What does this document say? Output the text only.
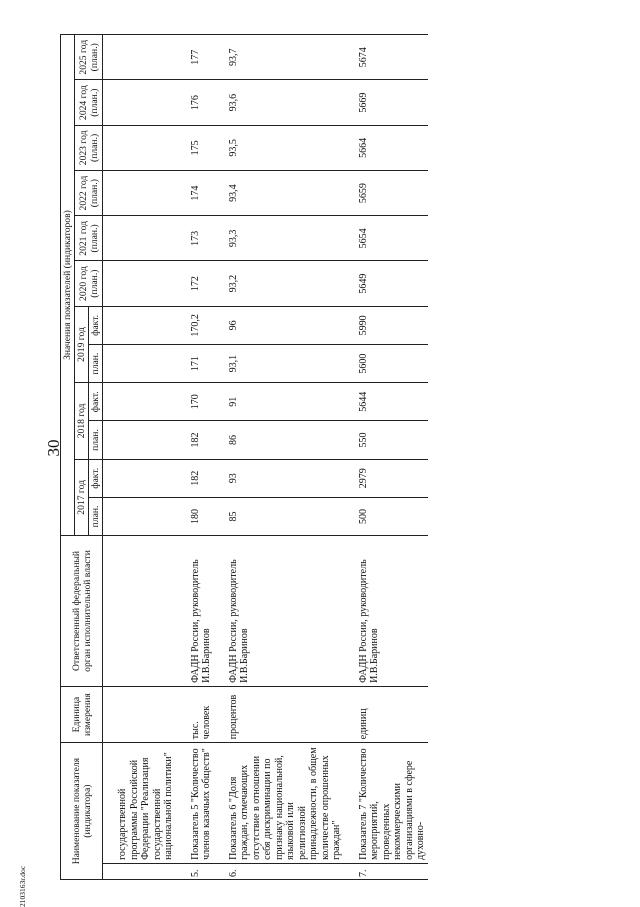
30
2103163r.doc
Наименование показателя (индикатора)		Единица измерения	Ответственный федеральный орган исполнительной власти	Значения показателей (индикаторов)											
				2017 год		2018 год		2019 год		2020 год (план.)	2021 год (план.)	2022 год (план.)	2023 год (план.)	2024 год (план.)	2025 год (план.)
				план.	факт.	план.	факт.	план.	факт.						
	государственной программы Российской Федерации "Реализация государственной национальной политики"														
5.	Показатель 5 "Количество членов казачьих обществ"	тыс. человек	ФАДН России, руководитель И.В.Баринов	180	182	182	170	171	170,2	172	173	174	175	176	177
6.	Показатель 6 "Доля граждан, отмечающих отсутствие в отношении себя дискриминации по признаку национальной, языковой или религиозной принадлежности, в общем количестве опрошенных граждан"	процентов	ФАДН России, руководитель И.В.Баринов	85	93	86	91	93,1	96	93,2	93,3	93,4	93,5	93,6	93,7
7.	Показатель 7 "Количество мероприятий, проведенных некоммерческими организациями в сфере духовно-	единиц	ФАДН России, руководитель И.В.Баринов	500	2979	550	5644	5600	5990	5649	5654	5659	5664	5669	5674
